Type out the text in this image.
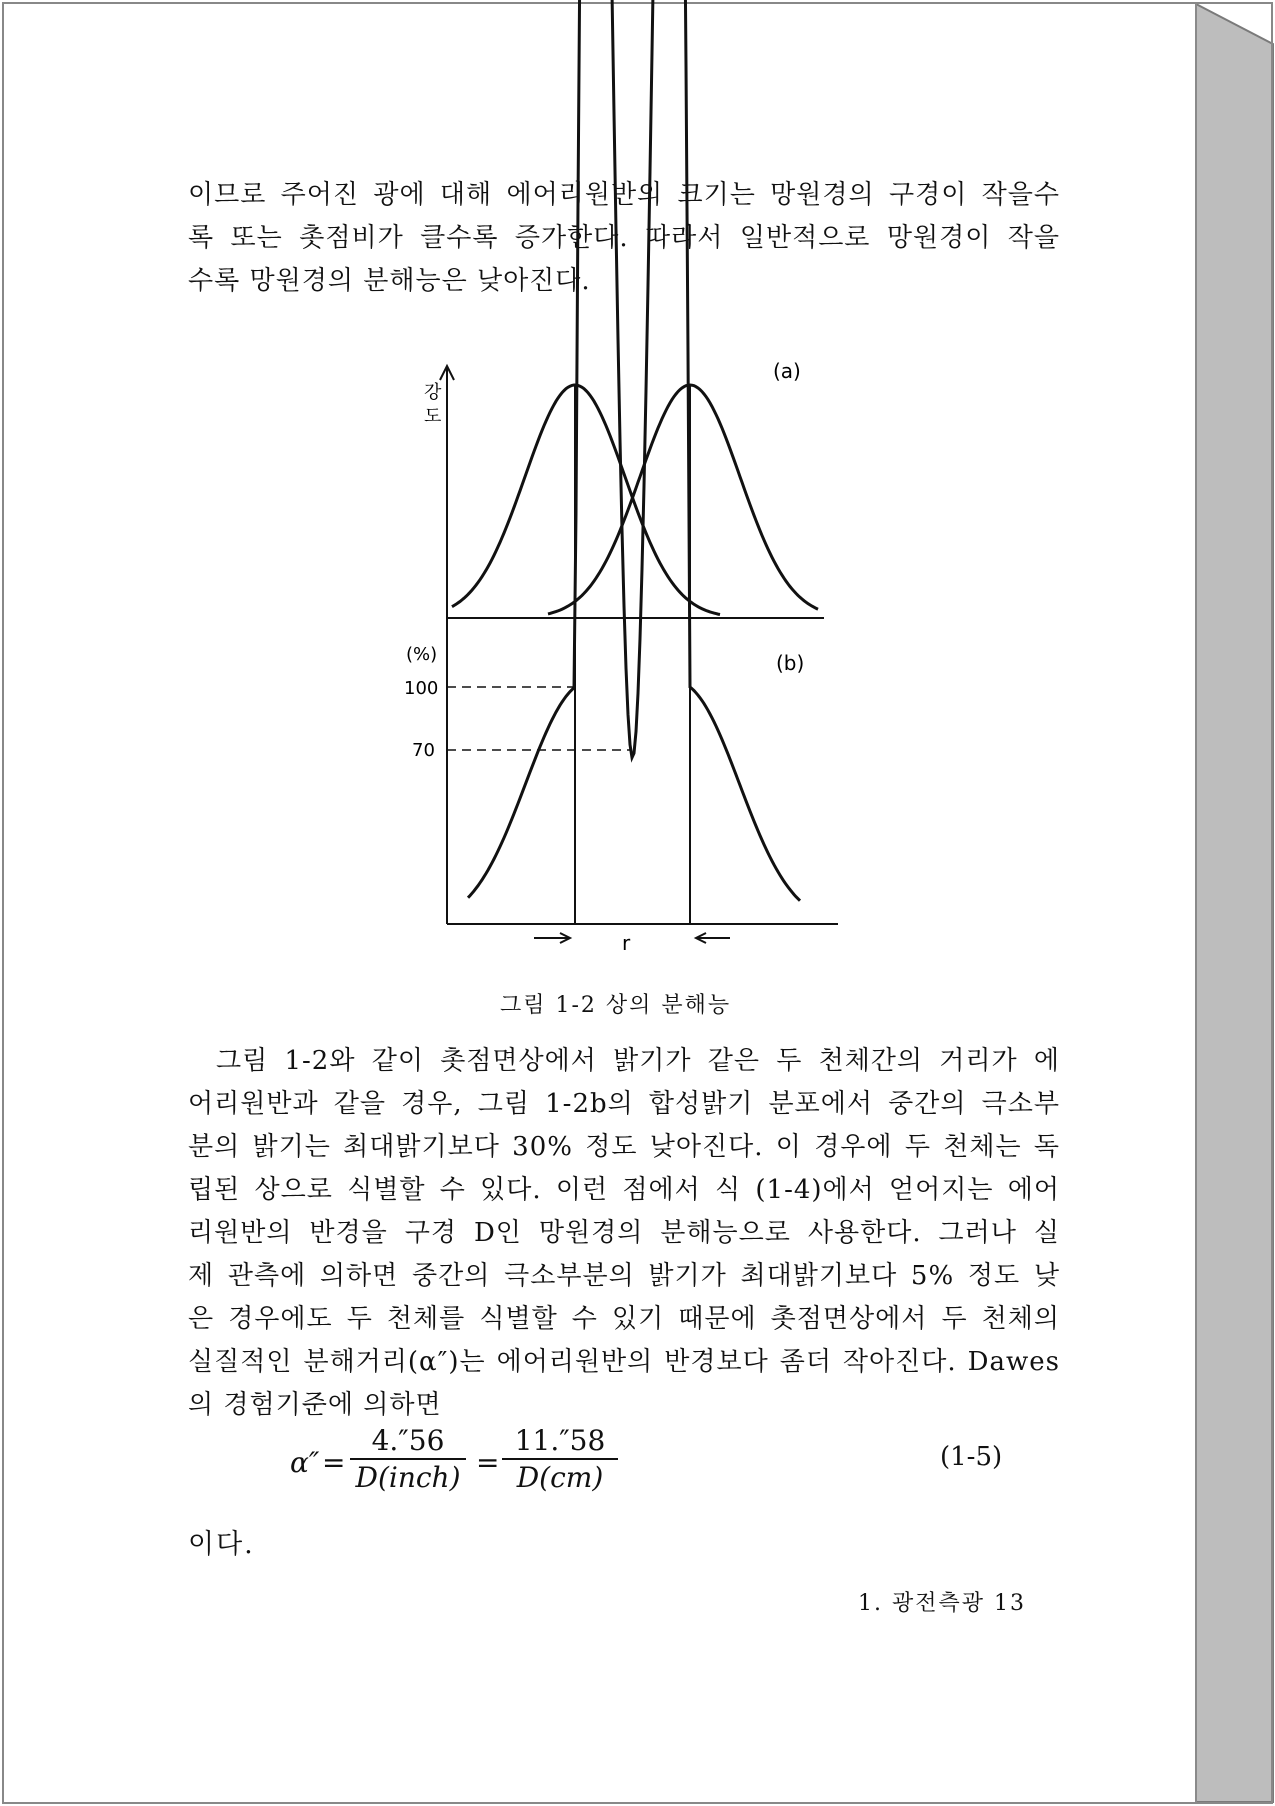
이므로 주어진 광에 대해 에어리원반의 크기는 망원경의 구경이 작을수
록 또는 촛점비가 클수록 증가한다. 따라서 일반적으로 망원경이 작을
수록 망원경의 분해능은 낮아진다.

강
도
(a)
(%)
100
70
(b)
r
그림 1-2 상의 분해능

그림 1-2와 같이 촛점면상에서 밝기가 같은 두 천체간의 거리가 에
어리원반과 같을 경우, 그림 1-2b의 합성밝기 분포에서 중간의 극소부
분의 밝기는 최대밝기보다 30% 정도 낮아진다. 이 경우에 두 천체는 독
립된 상으로 식별할 수 있다. 이런 점에서 식 (1-4)에서 얻어지는 에어
리원반의 반경을 구경 D인 망원경의 분해능으로 사용한다. 그러나 실
제 관측에 의하면 중간의 극소부분의 밝기가 최대밝기보다 5% 정도 낮
은 경우에도 두 천체를 식별할 수 있기 때문에 촛점면상에서 두 천체의
실질적인 분해거리(α″)는 에어리원반의 반경보다 좀더 작아진다. Dawes
의 경험기준에 의하면

α″ =
4.″56
D(inch) = $\frac{11.''58}{D(cm)}$	(1-5)
이다.
1. 광전측광 13
